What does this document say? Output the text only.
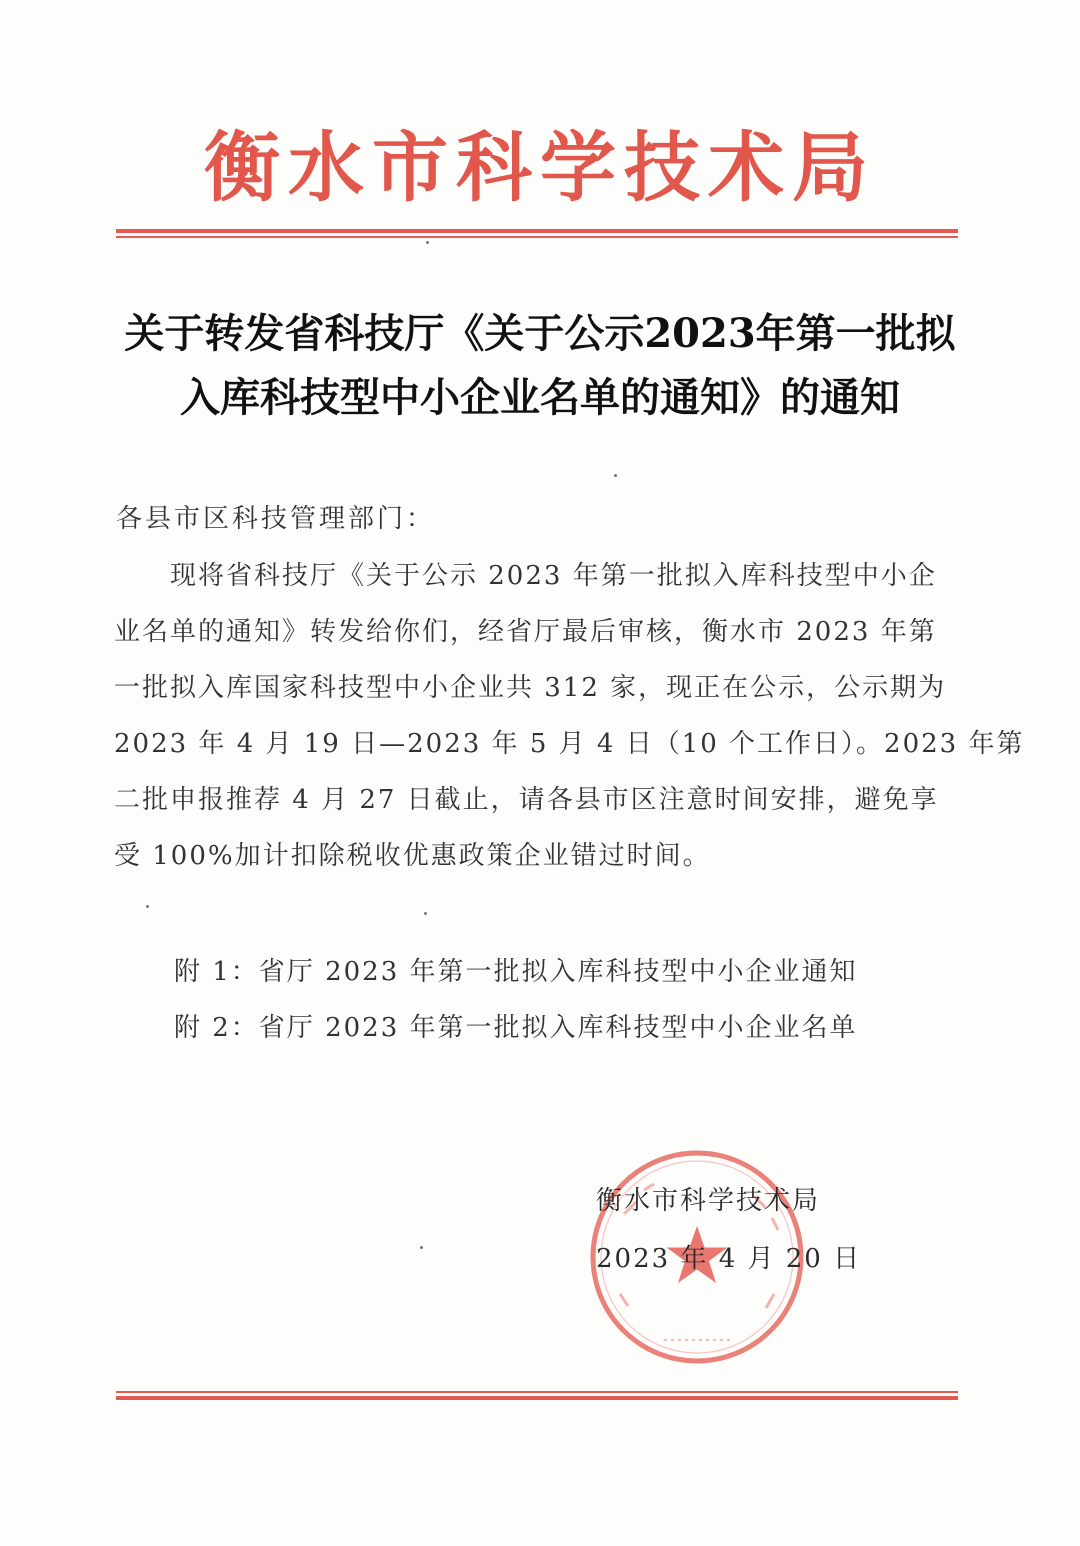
衡水市科学技术局
关于转发省科技厅《关于公示2023年第一批拟
入库科技型中小企业名单的通知》的通知
各县市区科技管理部门：
　　现将省科技厅《关于公示 2023 年第一批拟入库科技型中小企
业名单的通知》转发给你们，经省厅最后审核，衡水市 2023 年第
一批拟入库国家科技型中小企业共 312 家，现正在公示，公示期为
2023 年 4 月 19 日—2023 年 5 月 4 日（10 个工作日）。2023 年第
二批申报推荐 4 月 27 日截止，请各县市区注意时间安排，避免享
受 100%加计扣除税收优惠政策企业错过时间。
附 1：省厅 2023 年第一批拟入库科技型中小企业通知
附 2：省厅 2023 年第一批拟入库科技型中小企业名单
衡水市科学技术局
2023 年 4 月 20 日
